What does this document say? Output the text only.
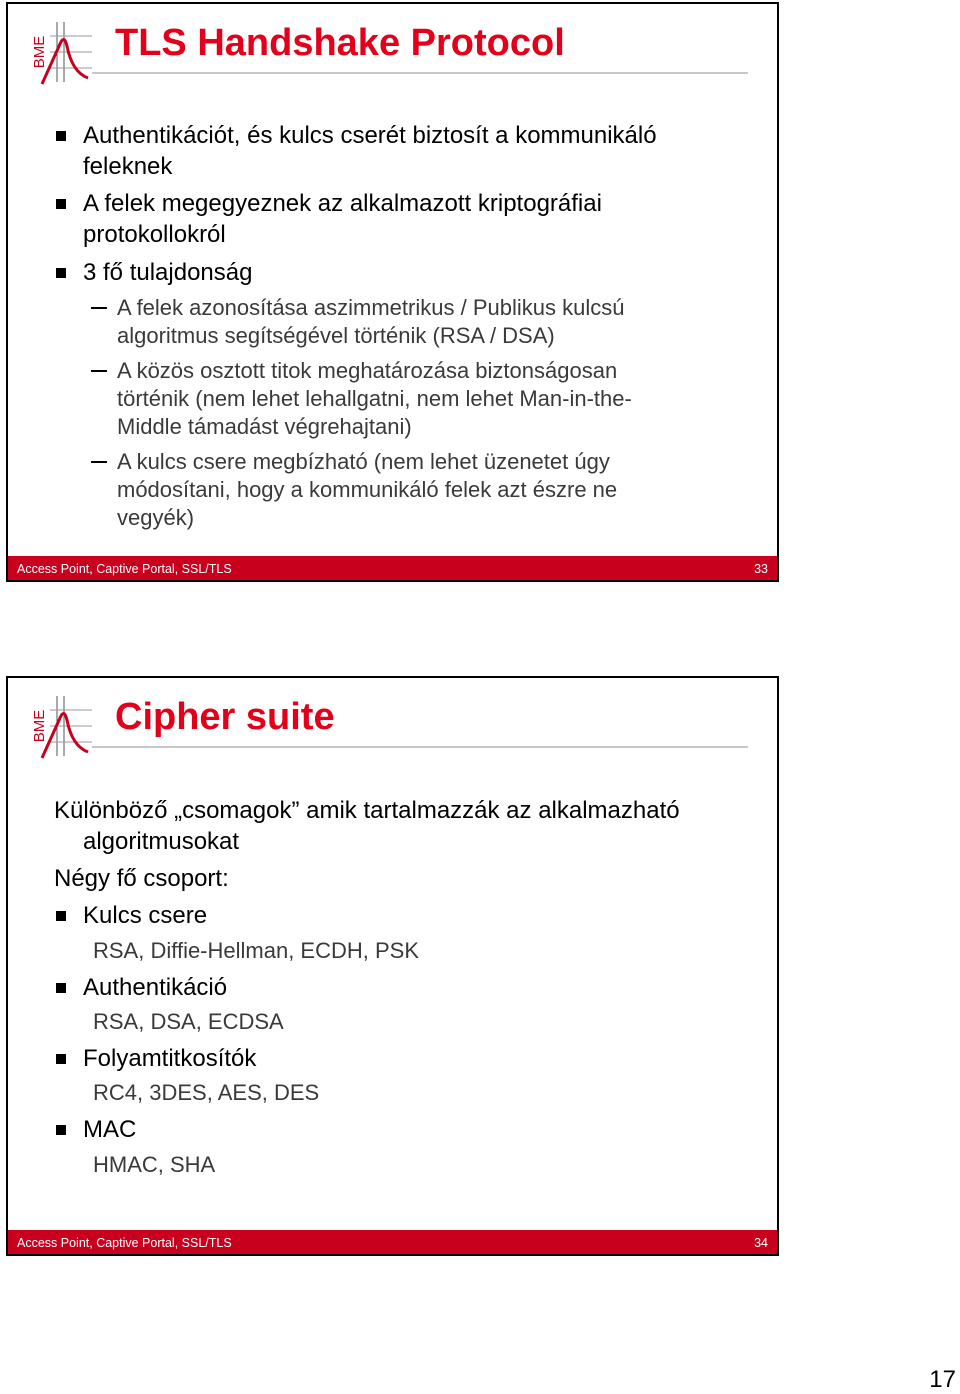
BME TLS Handshake Protocol
Authentikációt, és kulcs cserét biztosít a kommunikáló feleknek
A felek megegyeznek az alkalmazott kriptográfiai protokollokról
3 fő tulajdonság
A felek azonosítása aszimmetrikus / Publikus kulcsú algoritmus segítségével történik (RSA / DSA)
A közös osztott titok meghatározása biztonságosan történik (nem lehet lehallgatni, nem lehet Man-in-the-Middle támadást végrehajtani)
A kulcs csere megbízható (nem lehet üzenetet úgy módosítani, hogy a kommunikáló felek azt észre ne vegyék)
Access Point, Captive Portal, SSL/TLS	33
BME Cipher suite
Különböző „csomagok” amik tartalmazzák az alkalmazható algoritmusokat
Négy fő csoport:
Kulcs csere
RSA, Diffie-Hellman, ECDH, PSK
Authentikáció
RSA, DSA, ECDSA
Folyamtitkosítók
RC4, 3DES, AES, DES
MAC
HMAC, SHA
Access Point, Captive Portal, SSL/TLS	34
17
